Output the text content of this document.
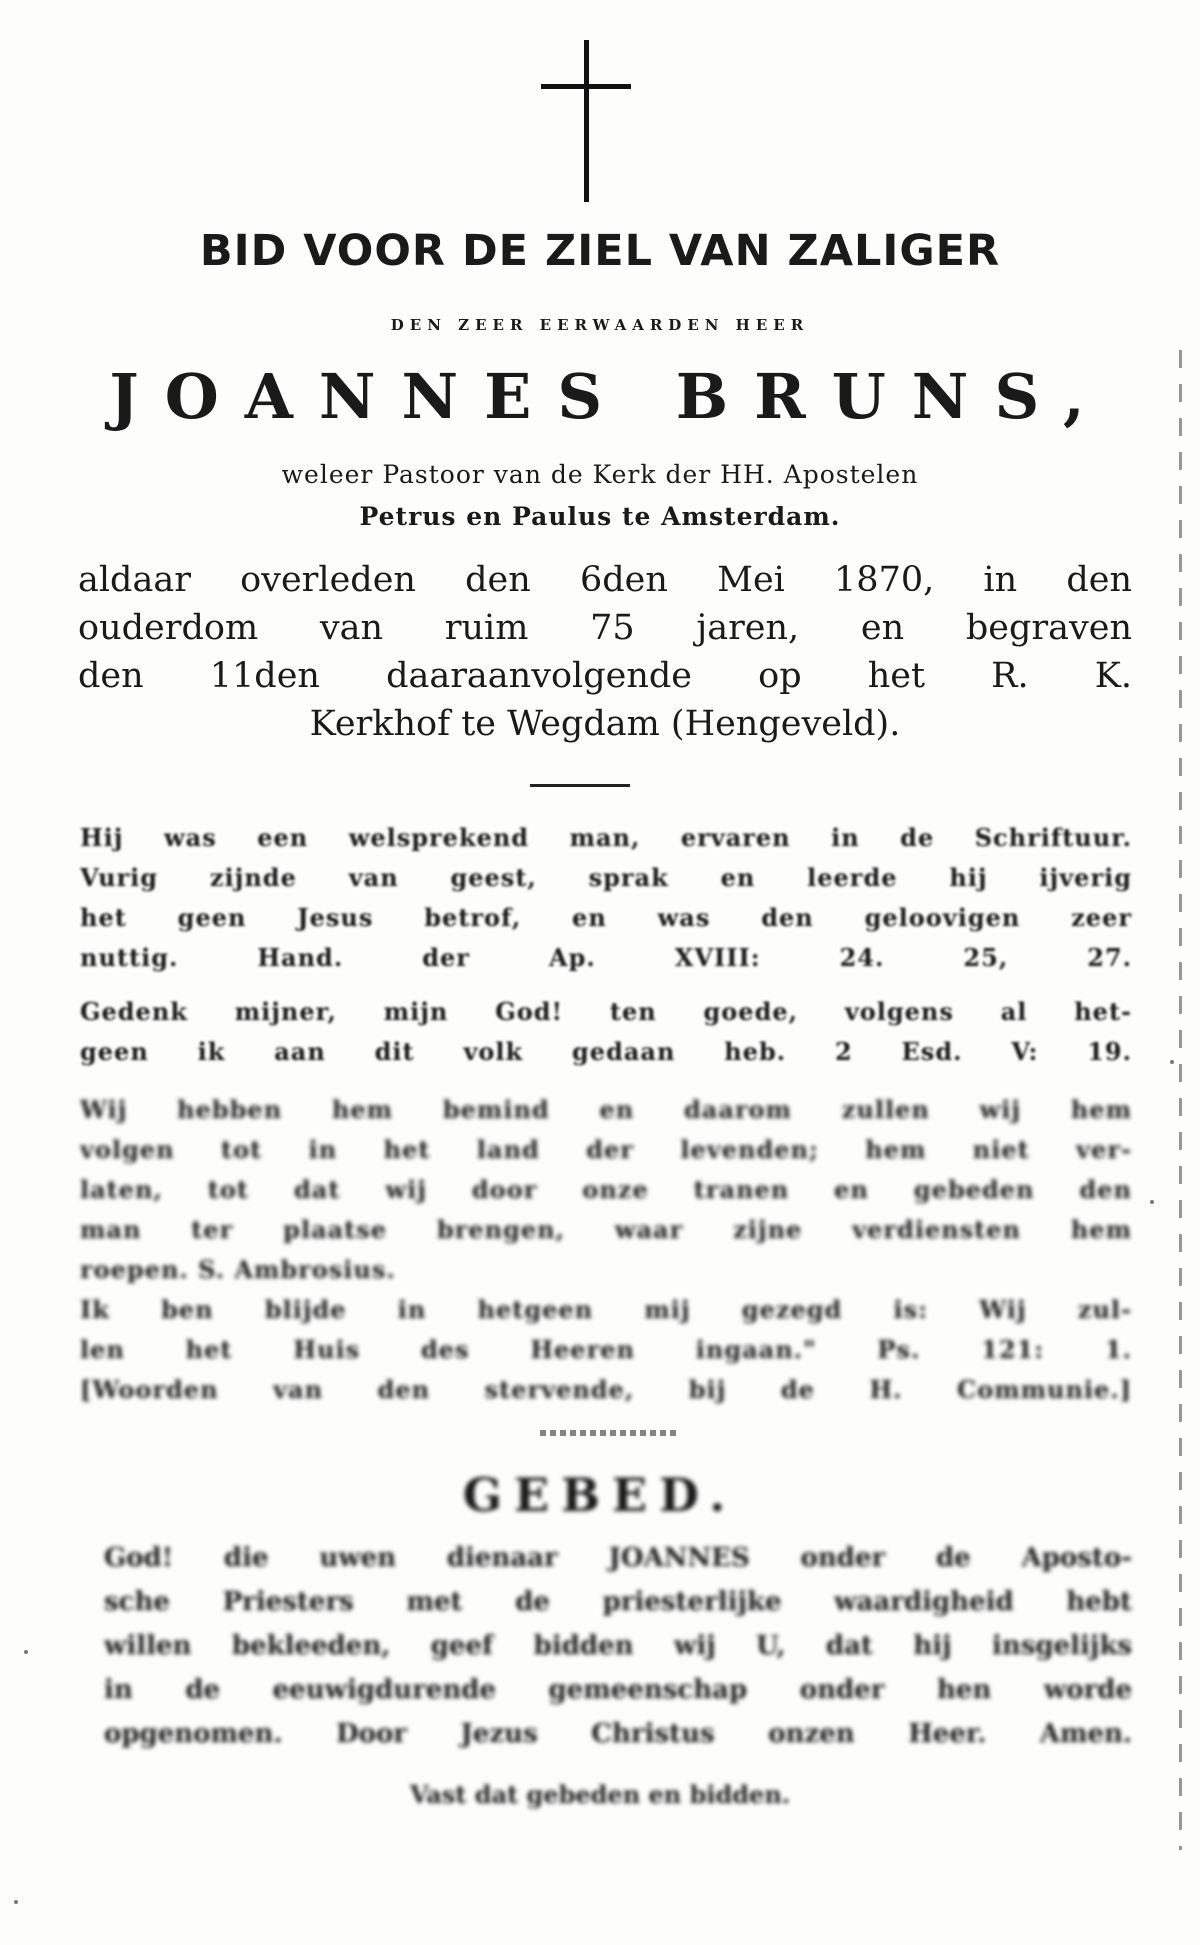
BID VOOR DE ZIEL VAN ZALIGER
DEN ZEER EERWAARDEN HEER
JOANNES BRUNS,
weleer Pastoor van de Kerk der HH. Apostelen
Petrus en Paulus te Amsterdam.
aldaar overleden den 6den Mei 1870, in den
ouderdom van ruim 75 jaren, en begraven
den 11den daaraanvolgende op het R. K.
Kerkhof te Wegdam (Hengeveld).
Hij was een welsprekend man, ervaren in de Schriftuur.
Vurig zijnde van geest, sprak en leerde hij ijverig
het geen Jesus betrof, en was den geloovigen zeer
nuttig. Hand. der Ap. XVIII: 24. 25, 27.
Gedenk mijner, mijn God! ten goede, volgens al het-
geen ik aan dit volk gedaan heb. 2 Esd. V: 19.
Wij hebben hem bemind en daarom zullen wij hem
volgen tot in het land der levenden; hem niet ver-
laten, tot dat wij door onze tranen en gebeden den
man ter plaatse brengen, waar zijne verdiensten hem
roepen. S. Ambrosius.
Ik ben blijde in hetgeen mij gezegd is: Wij zul-
len het Huis des Heeren ingaan." Ps. 121: 1.
[Woorden van den stervende, bij de H. Communie.]
GEBED.
God! die uwen dienaar JOANNES onder de Aposto-
sche Priesters met de priesterlijke waardigheid hebt
willen bekleeden, geef bidden wij U, dat hij insgelijks
in de eeuwigdurende gemeenschap onder hen worde
opgenomen. Door Jezus Christus onzen Heer. Amen.
Vast dat gebeden en bidden.
